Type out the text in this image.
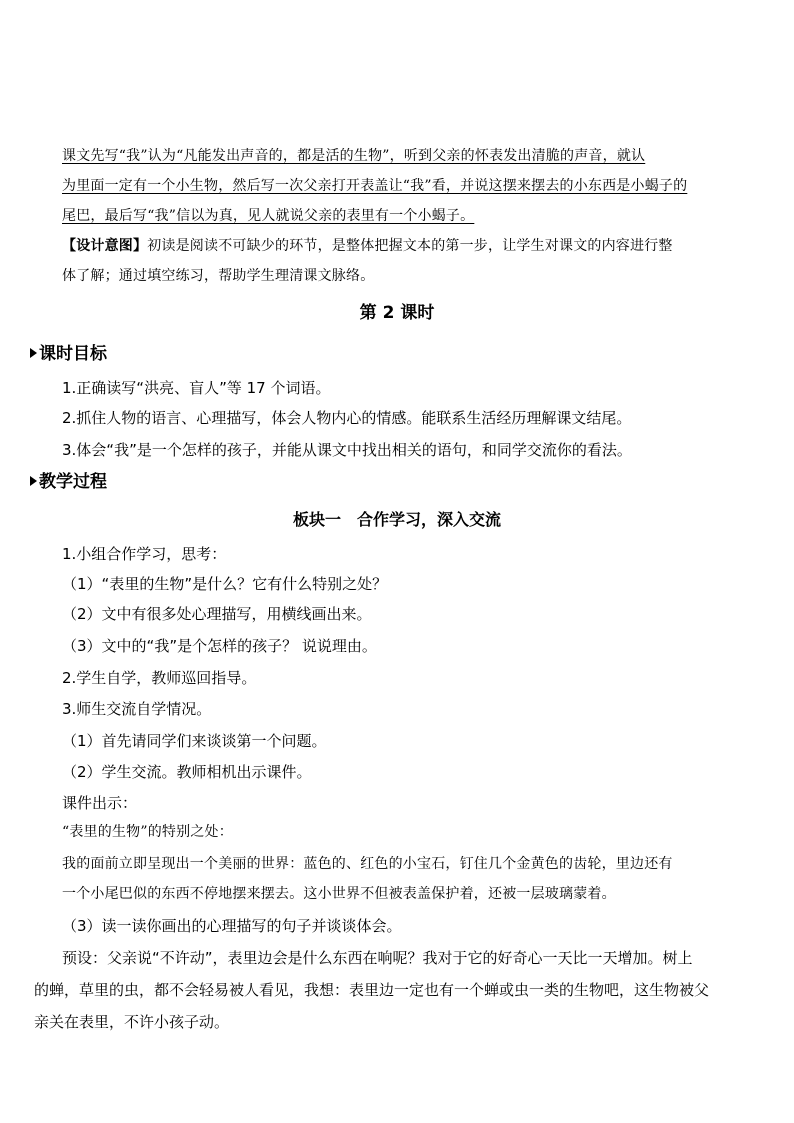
课文先写“我”认为“凡能发出声音的，都是活的生物”，听到父亲的怀表发出清脆的声音，就认
为里面一定有一个小生物，然后写一次父亲打开表盖让“我”看，并说这摆来摆去的小东西是小蝎子的
尾巴，最后写“我”信以为真，见人就说父亲的表里有一个小蝎子。
【设计意图】初读是阅读不可缺少的环节，是整体把握文本的第一步，让学生对课文的内容进行整
体了解；通过填空练习，帮助学生理清课文脉络。
第 2 课时
课时目标
1.正确读写“洪亮、盲人”等 17 个词语。
2.抓住人物的语言、心理描写，体会人物内心的情感。能联系生活经历理解课文结尾。
3.体会“我”是一个怎样的孩子，并能从课文中找出相关的语句，和同学交流你的看法。
教学过程
板块一　合作学习，深入交流
1.小组合作学习，思考：
（1）“表里的生物”是什么？它有什么特别之处？
（2）文中有很多处心理描写，用横线画出来。
（3）文中的“我”是个怎样的孩子？ 说说理由。
2.学生自学，教师巡回指导。
3.师生交流自学情况。
（1）首先请同学们来谈谈第一个问题。
（2）学生交流。教师相机出示课件。
课件出示：
“表里的生物”的特别之处：
我的面前立即呈现出一个美丽的世界：蓝色的、红色的小宝石，钉住几个金黄色的齿轮，里边还有
一个小尾巴似的东西不停地摆来摆去。这小世界不但被表盖保护着，还被一层玻璃蒙着。
（3）读一读你画出的心理描写的句子并谈谈体会。
预设：父亲说“不许动”，表里边会是什么东西在响呢？我对于它的好奇心一天比一天增加。树上
的蝉，草里的虫，都不会轻易被人看见，我想：表里边一定也有一个蝉或虫一类的生物吧，这生物被父
亲关在表里，不许小孩子动。
